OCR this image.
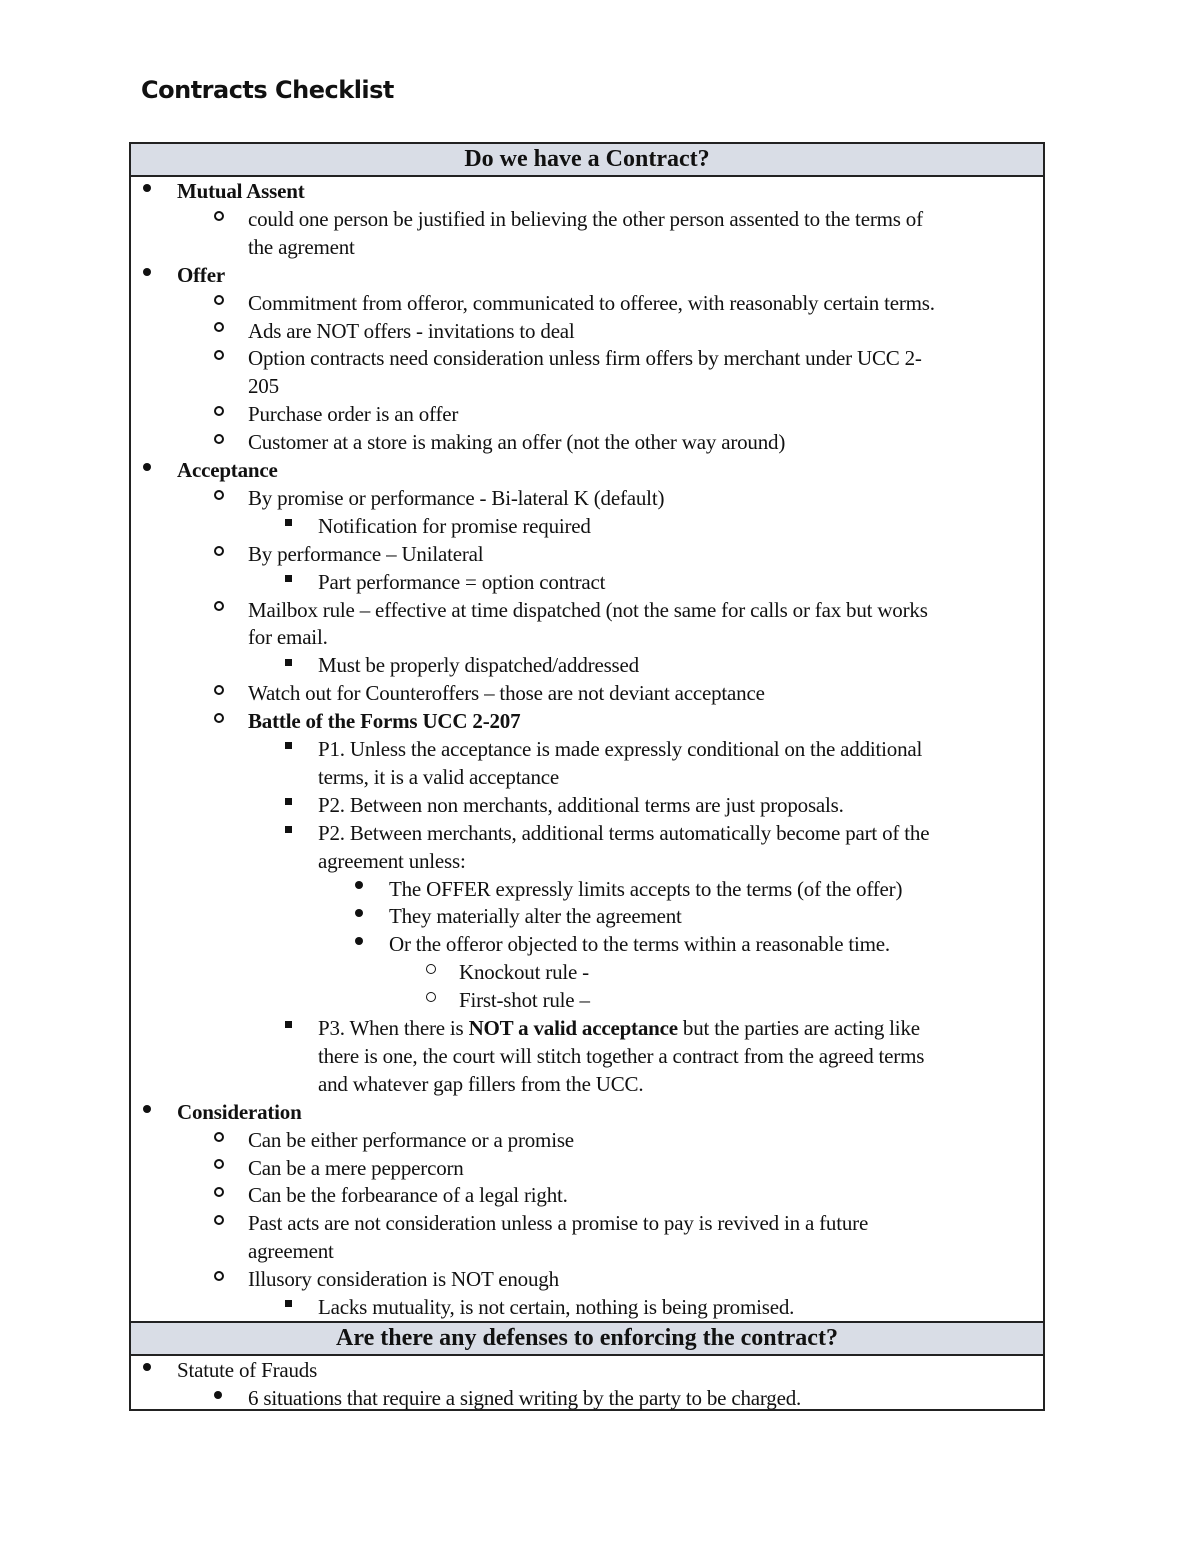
Contracts Checklist
Do we have a Contract?
Mutual Assent
could one person be justified in believing the other person assented to the terms of
the agrement
Offer
Commitment from offeror, communicated to offeree, with reasonably certain terms.
Ads are NOT offers - invitations to deal
Option contracts need consideration unless firm offers by merchant under UCC 2-
205
Purchase order is an offer
Customer at a store is making an offer (not the other way around)
Acceptance
By promise or performance - Bi-lateral K (default)
Notification for promise required
By performance – Unilateral
Part performance = option contract
Mailbox rule – effective at time dispatched (not the same for calls or fax but works
for email.
Must be properly dispatched/addressed
Watch out for Counteroffers – those are not deviant acceptance
Battle of the Forms UCC 2-207
P1. Unless the acceptance is made expressly conditional on the additional
terms, it is a valid acceptance
P2. Between non merchants, additional terms are just proposals.
P2. Between merchants, additional terms automatically become part of the
agreement unless:
The OFFER expressly limits accepts to the terms (of the offer)
They materially alter the agreement
Or the offeror objected to the terms within a reasonable time.
Knockout rule -
First-shot rule –
P3. When there is NOT a valid acceptance but the parties are acting like
there is one, the court will stitch together a contract from the agreed terms
and whatever gap fillers from the UCC.
Consideration
Can be either performance or a promise
Can be a mere peppercorn
Can be the forbearance of a legal right.
Past acts are not consideration unless a promise to pay is revived in a future
agreement
Illusory consideration is NOT enough
Lacks mutuality, is not certain, nothing is being promised.
Are there any defenses to enforcing the contract?
Statute of Frauds
6 situations that require a signed writing by the party to be charged.
